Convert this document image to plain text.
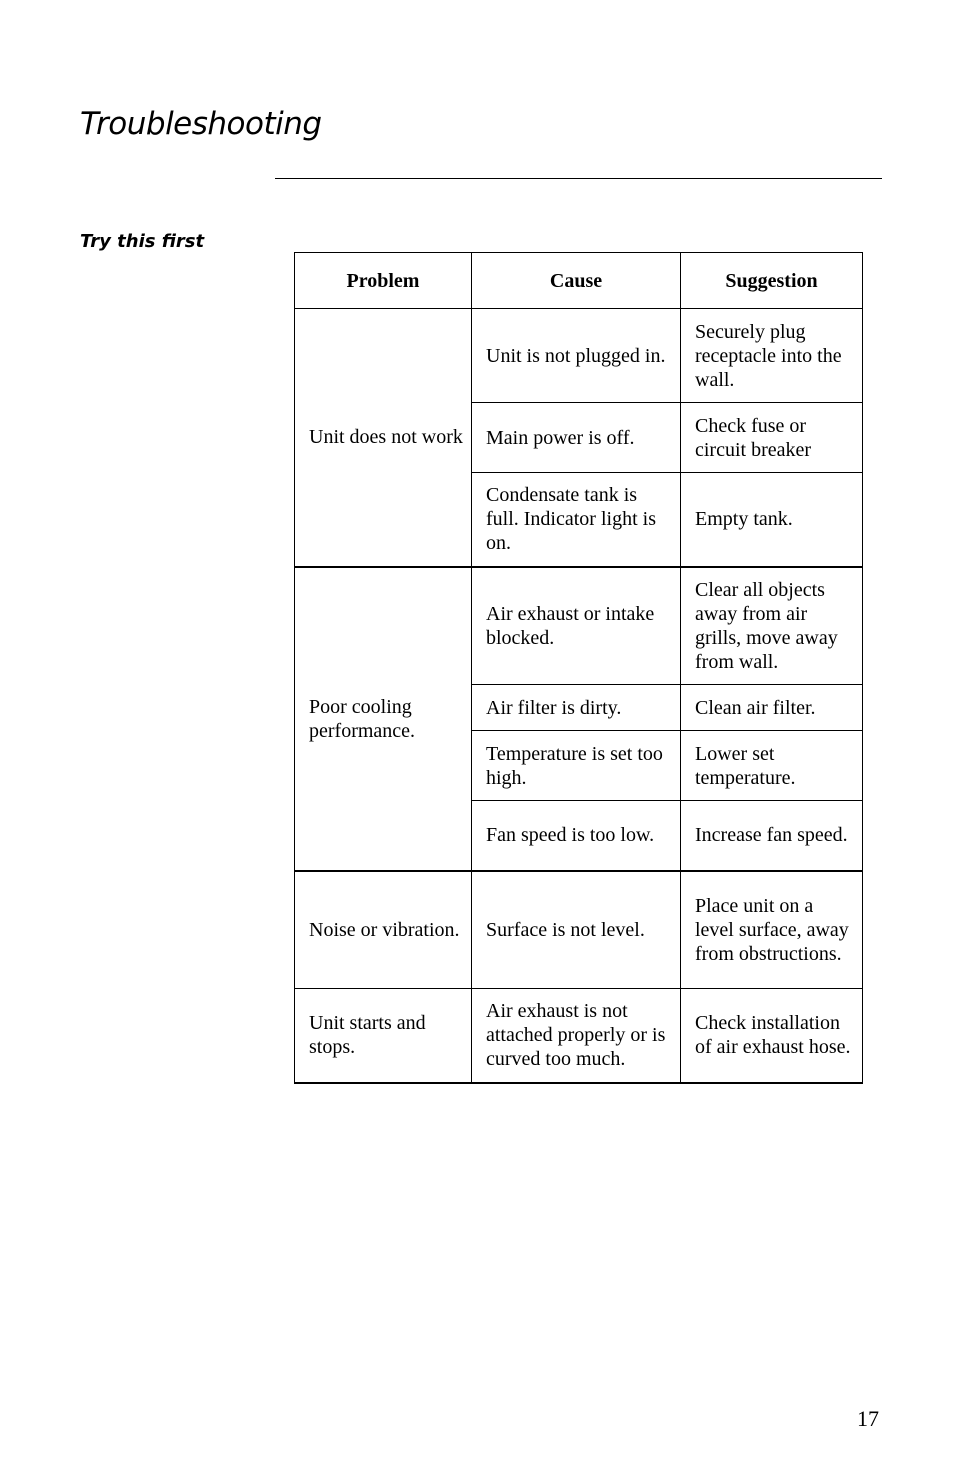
Troubleshooting
Try this first
Problem	Cause	Suggestion
Unit does not work	Unit is not plugged in.	Securely plug receptacle into the wall.
	Main power is off.	Check fuse or circuit breaker
	Condensate tank is full. Indicator light is on.	Empty tank.
Poor cooling performance.	Air exhaust or intake blocked.	Clear all objects away from air grills, move away from wall.
	Air filter is dirty.	Clean air filter.
	Temperature is set too high.	Lower set temperature.
	Fan speed is too low.	Increase fan speed.
Noise or vibration.	Surface is not level.	Place unit on a level surface, away from obstructions.
Unit starts and stops.	Air exhaust is not attached properly or is curved too much.	Check installation of air exhaust hose.
17
